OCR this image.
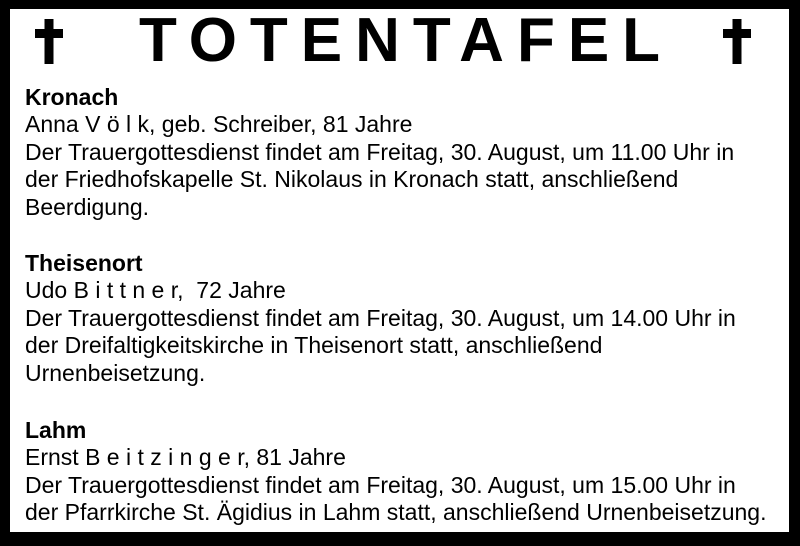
TOTENTAFEL
Kronach
Anna V ö l k, geb. Schreiber, 81 Jahre
Der Trauergottesdienst findet am Freitag, 30. August, um 11.00 Uhr in
der Friedhofskapelle St. Nikolaus in Kronach statt, anschließend
Beerdigung.
Theisenort
Udo B i t t n e r,  72 Jahre
Der Trauergottesdienst findet am Freitag, 30. August, um 14.00 Uhr in
der Dreifaltigkeitskirche in Theisenort statt, anschließend
Urnenbeisetzung.
Lahm
Ernst B e i t z i n g e r, 81 Jahre
Der Trauergottesdienst findet am Freitag, 30. August, um 15.00 Uhr in
der Pfarrkirche St. Ägidius in Lahm statt, anschließend Urnenbeisetzung.
